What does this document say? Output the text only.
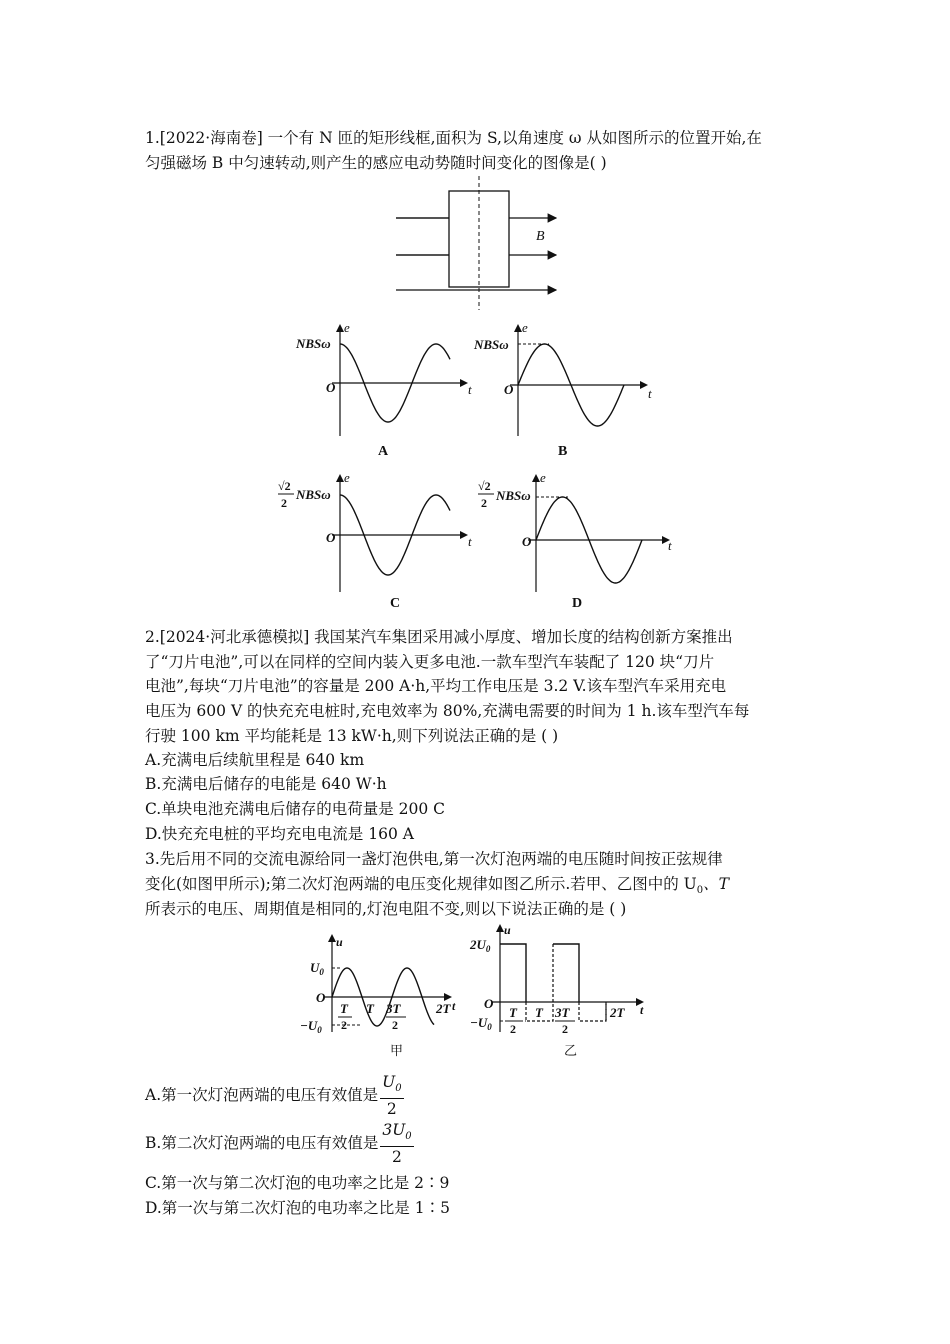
1.[2022·海南卷] 一个有 N 匝的矩形线框,面积为 S,以角速度 ω 从如图所示的位置开始,在
匀强磁场 B 中匀速转动,则产生的感应电动势随时间变化的图像是( )
B
e
t
O
NBSω
A
e
t
O
NBSω
B
e
t
O
√2
2
NBSω
C
e
t
O
√2
2 NBSω
D
2.[2024·河北承德模拟] 我国某汽车集团采用减小厚度、增加长度的结构创新方案推出
了“刀片电池”,可以在同样的空间内装入更多电池.一款车型汽车装配了 120 块“刀片
电池”,每块“刀片电池”的容量是 200 A·h,平均工作电压是 3.2 V.该车型汽车采用充电
电压为 600 V 的快充充电桩时,充电效率为 80%,充满电需要的时间为 1 h.该车型汽车每
行驶 100 km 平均能耗是 13 kW·h,则下列说法正确的是 ( )
A.充满电后续航里程是 640 km
B.充满电后储存的电能是 640 W·h
C.单块电池充满电后储存的电荷量是 200 C
D.快充充电桩的平均充电电流是 160 A
3.先后用不同的交流电源给同一盏灯泡供电,第一次灯泡两端的电压随时间按正弦规律
变化(如图甲所示);第二次灯泡两端的电压变化规律如图乙所示.若甲、乙图中的 $U_0$、T
所表示的电压、周期值是相同的,灯泡电阻不变,则以下说法正确的是 ( )
u
t
O
$U_0$
$-U_0$
T
2
T 3T
2
2T
甲
u
t
O
$2U_0$
$-U_0$
T
2
T 3T
2
2T
乙
A.第一次灯泡两端的电压有效值是 $\frac{U_0}{2}$
B.第二次灯泡两端的电压有效值是 $\frac{3U_0}{2}$
C.第一次与第二次灯泡的电功率之比是 2∶9
D.第一次与第二次灯泡的电功率之比是 1∶5
